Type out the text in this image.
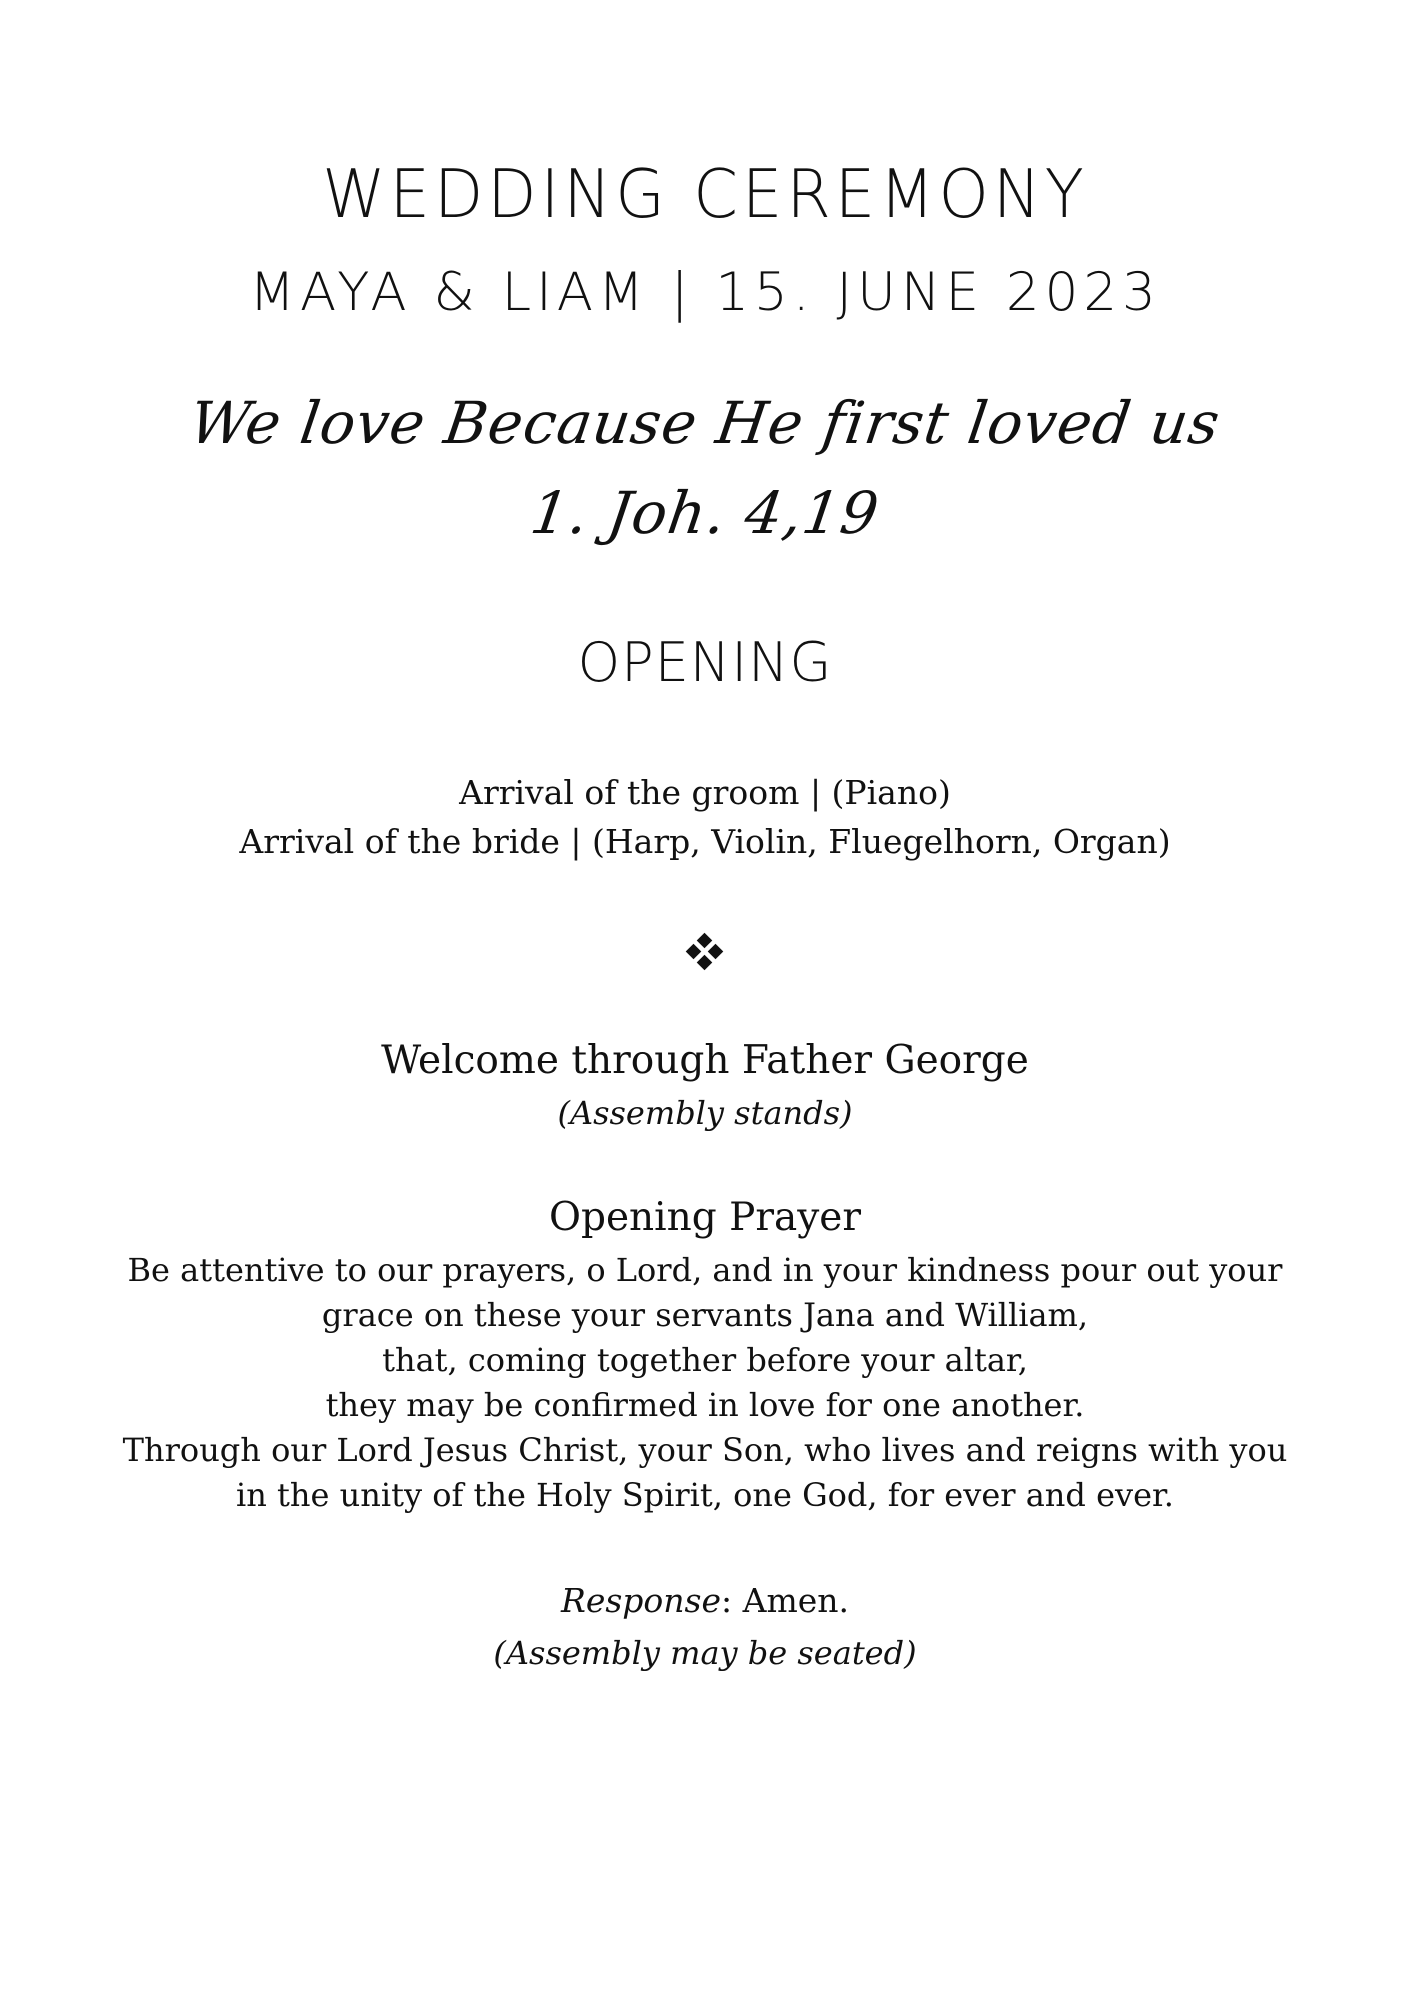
WEDDING CEREMONY
MAYA & LIAM | 15. JUNE 2023
We love Because He first loved us
1. Joh. 4,19
OPENING
Arrival of the groom | (Piano)
Arrival of the bride | (Harp, Violin, Fluegelhorn, Organ)
Welcome through Father George
(Assembly stands)
Opening Prayer
Be attentive to our prayers, o Lord, and in your kindness pour out your
grace on these your servants Jana and William,
that, coming together before your altar,
they may be confirmed in love for one another.
Through our Lord Jesus Christ, your Son, who lives and reigns with you
in the unity of the Holy Spirit, one God, for ever and ever.
Response: Amen.
(Assembly may be seated)
